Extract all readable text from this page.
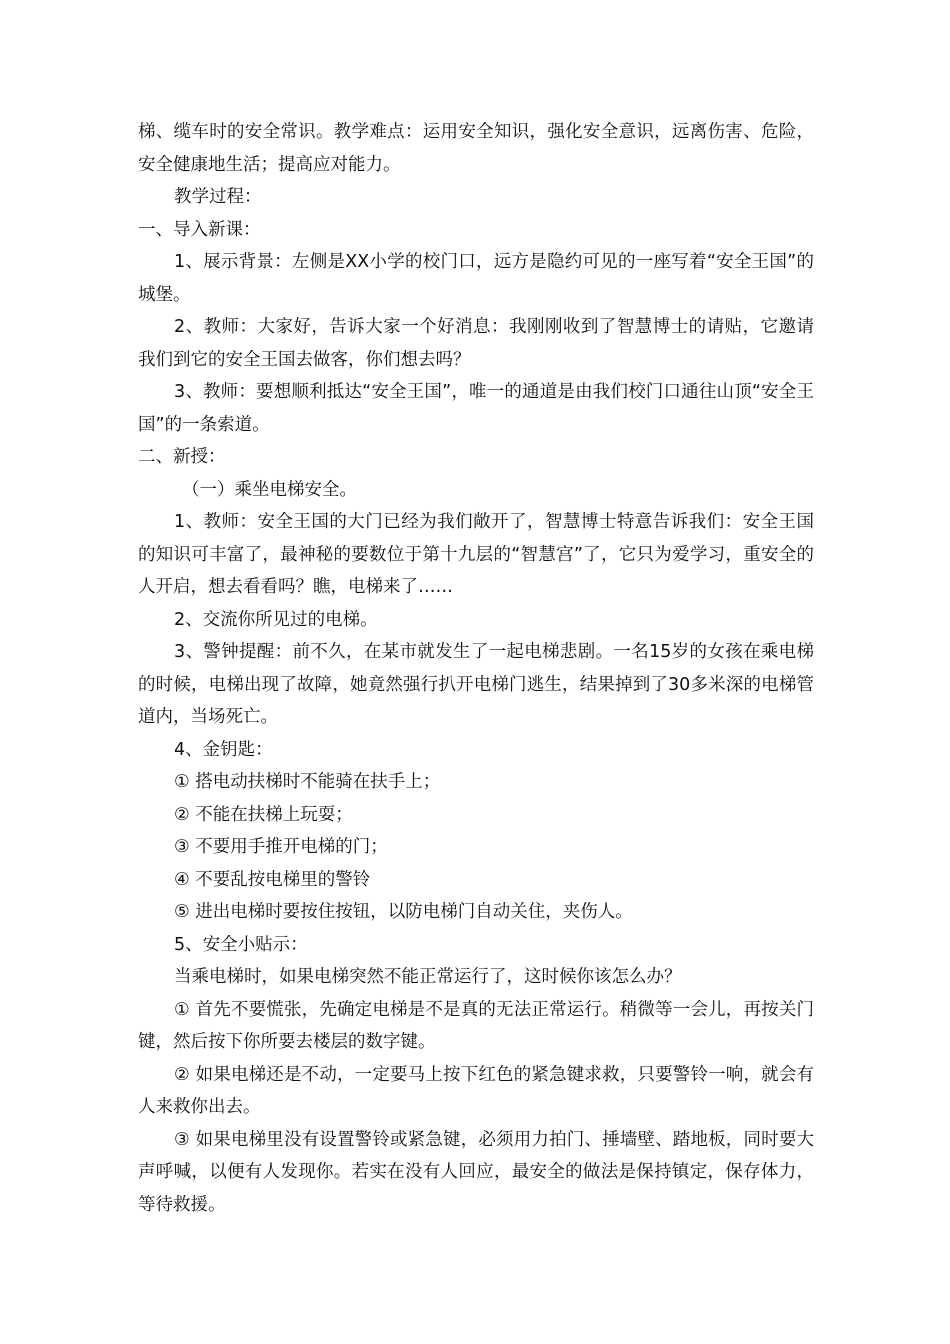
梯、缆车时的安全常识。教学难点：运用安全知识，强化安全意识，远离伤害、危险，安全健康地生活；提高应对能力。

教学过程：

一、导入新课：

1、展示背景：左侧是XX小学的校门口，远方是隐约可见的一座写着“安全王国”的城堡。

2、教师：大家好，告诉大家一个好消息：我刚刚收到了智慧博士的请贴，它邀请我们到它的安全王国去做客，你们想去吗？

3、教师：要想顺利抵达“安全王国”，唯一的通道是由我们校门口通往山顶“安全王国”的一条索道。

二、新授：

（一）乘坐电梯安全。

1、教师：安全王国的大门已经为我们敞开了，智慧博士特意告诉我们：安全王国的知识可丰富了，最神秘的要数位于第十九层的“智慧宫”了，它只为爱学习，重安全的人开启，想去看看吗？瞧，电梯来了……

2、交流你所见过的电梯。

3、警钟提醒：前不久，在某市就发生了一起电梯悲剧。一名15岁的女孩在乘电梯的时候，电梯出现了故障，她竟然强行扒开电梯门逃生，结果掉到了30多米深的电梯管道内，当场死亡。

4、金钥匙：

① 搭电动扶梯时不能骑在扶手上；

② 不能在扶梯上玩耍；

③ 不要用手推开电梯的门；

④ 不要乱按电梯里的警铃

⑤ 进出电梯时要按住按钮，以防电梯门自动关住，夹伤人。

5、安全小贴示：

当乘电梯时，如果电梯突然不能正常运行了，这时候你该怎么办？

① 首先不要慌张，先确定电梯是不是真的无法正常运行。稍微等一会儿，再按关门键，然后按下你所要去楼层的数字键。

② 如果电梯还是不动，一定要马上按下红色的紧急键求救，只要警铃一响，就会有人来救你出去。

③ 如果电梯里没有设置警铃或紧急键，必须用力拍门、捶墙壁、踏地板，同时要大声呼喊，以便有人发现你。若实在没有人回应，最安全的做法是保持镇定，保存体力，等待救援。
